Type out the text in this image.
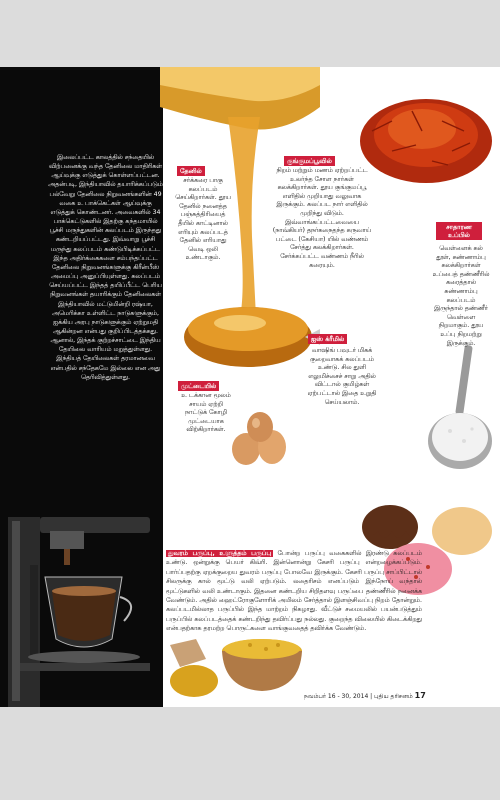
இலைப்பட்ட காலத்தில் சந்தையில் விற்பனைக்கு வந்த தேனிலை மாதிரிகள் ஆய்வுக்கு எடுத்துக் கொள்ளப்பட்டன. அதன்படி, இந்தியாவில் தயாரிக்கப்படும் பல்வேறு தேனிலை நிறுவனங்களின் 49 வகை உ பாக்கெட்கள் ஆய்வுக்கு எடுத்துக் கொண்டனர். அவைகளில் 34 பாக்கெட்டுகளில் இதற்கு கந்தமாயில் பூச்சி மருந்துகளின் கலப்படம் இருந்தது கண்டறியப்பட்டது. இவ்வாறு பூச்சி மருந்து கலப்படம் கண்டுபிடிக்கப்பட்ட இந்த அதிர்க்கைகளை சம்பந்தப்பட்ட தேனிலை நிறுவனங்களுக்கு கிரீன்பீஸ் அமைப்பு அனுப்பியுள்ளது. கலப்படம் செய்யப்பட்ட இந்தத் தயிப்பீட்ட பெரிய நிறுவனங்கள் தயாரிக்கும் தேனிலைகள் இந்தியாவில் மட்டுமின்றி ரஷ்யா, அமெரிக்கா உள்ளிட்ட நாடுகளுக்கும், ஐக்கிய அரபு நாடுகளுக்கும் ஏற்றுமதி ஆகின்றன என்பது குறிப்பிடத்தக்கது. ஆனால், இந்தக் குற்றச்சாட்டை இந்திய தேயிலை வாரியம் மறுத்துள்ளது. இந்தியத் தேயிலைகள் தரமானவை என்பதில் சந்தேகமே இல்லை என அது தெரிவித்துள்ளது.
தேனில்
சர்க்கரை பாகு கலப்படம் செய்கிறார்கள். தூய தேனில் நனைத்த பஞ்சுத்திரியைத் தீயில் காட்டினால் எரியும் கலப்படத் தேனில் எரியாது வெடி ஒலி உண்டாகும்.
குங்குமப்பூவில்
நிறம் மற்றும் மணம் ஏற்றப்பட்ட உலர்ந்த சோள நார்கள் கலக்கிறார்கள். தூய குங்குமப்பூ எளிதில் முறியாது வலுவாக இருக்கும். கலப்பட நார் எளிதில் முறிந்து விடும். இவ்வாங்கப்பட்டவைய‌ை (நாவ்கியர்) தநர்கநைதந்த கருவாய் பட்டை (கேசியா) யில் வண்ணம் சேர்த்து கலக்கிறார்கள். சேர்க்கப்பட்ட வண்ணம் நீரில் கரையும்.
சாதாரண உப்பில்
வெள்ளைக் கல் தூள், சுண்ணாம்பு கலக்கிறார்கள் உப்பைத் தண்ணீரில் கரைத்தால் சுண்ணாம்பு கலப்படம் இருந்தால் தண்ணீர் வெள்ளை நிறமாகும். தூய உப்பு நிறமற்று இருக்கும்.
ஐஸ் க்ரீமில்
வாஷிங் பவுடர் மிகக் குறைவாகக் கலப்படம் உண்டு. சில துளி எலுமிச்சைச் சாறு அதில் விட்டால் குமிழ்கள் ஏற்பட்டால் இதை உறுதி செய்யலாம்.
முட்டையில்
உ டக்கான மூலம் சாயம் ஏற்றி நாட்டுக் கோழி முட்டையாக விற்கிறார்கள்.
துவரம் பருப்பு, உளுத்தம் பருப்பு போன்ற பருப்பு வகைகளில் இரண்டு கலப்படம் உண்டு. ஒன்றுக்கு பெயர் கிவ்ரி. இன்னொன்று கேசரி பருப்பு என்றழைக்கப்படும். பார்ப்பதற்கு ஏறக்குறைய துவரம் பருப்பு போலவே இருக்கும். கேசரி பருப்பு சாப்பிட்டால் சிலருக்கு கால் மூட்டு வலி ஏற்படும். லதைரிசம் எனப்படும் இந்நோய் வந்தால் மூட்டுகளில் வலி உண்டாகும். இதனை கண்டறிய சிறிதளவு பருப்பை தண்ணீரில் நனைக்க வேண்டும். அதில் ஹைட்ரோகுளோரிக் அமிலம் சேர்த்தால் இளஞ்சிவப்பு நிறம் தோன்றும். கலப்படமில்லாத பருப்பில் இந்த மாற்றம் நிகழாது. வீட்டுச் சமையலில் பயன்படுத்தும் பருப்பில் கலப்படத்தைக் கண்டறிந்து தவிர்ப்பது நல்லது. குறைந்த விலையில் கிடைக்கிறது என்பதற்காக தரமற்ற பொருட்களை வாங்குவதைத் தவிர்க்க வேண்டும்.
நவம்பர் 16 - 30, 2014 | புதிய தரிசனம் 17
